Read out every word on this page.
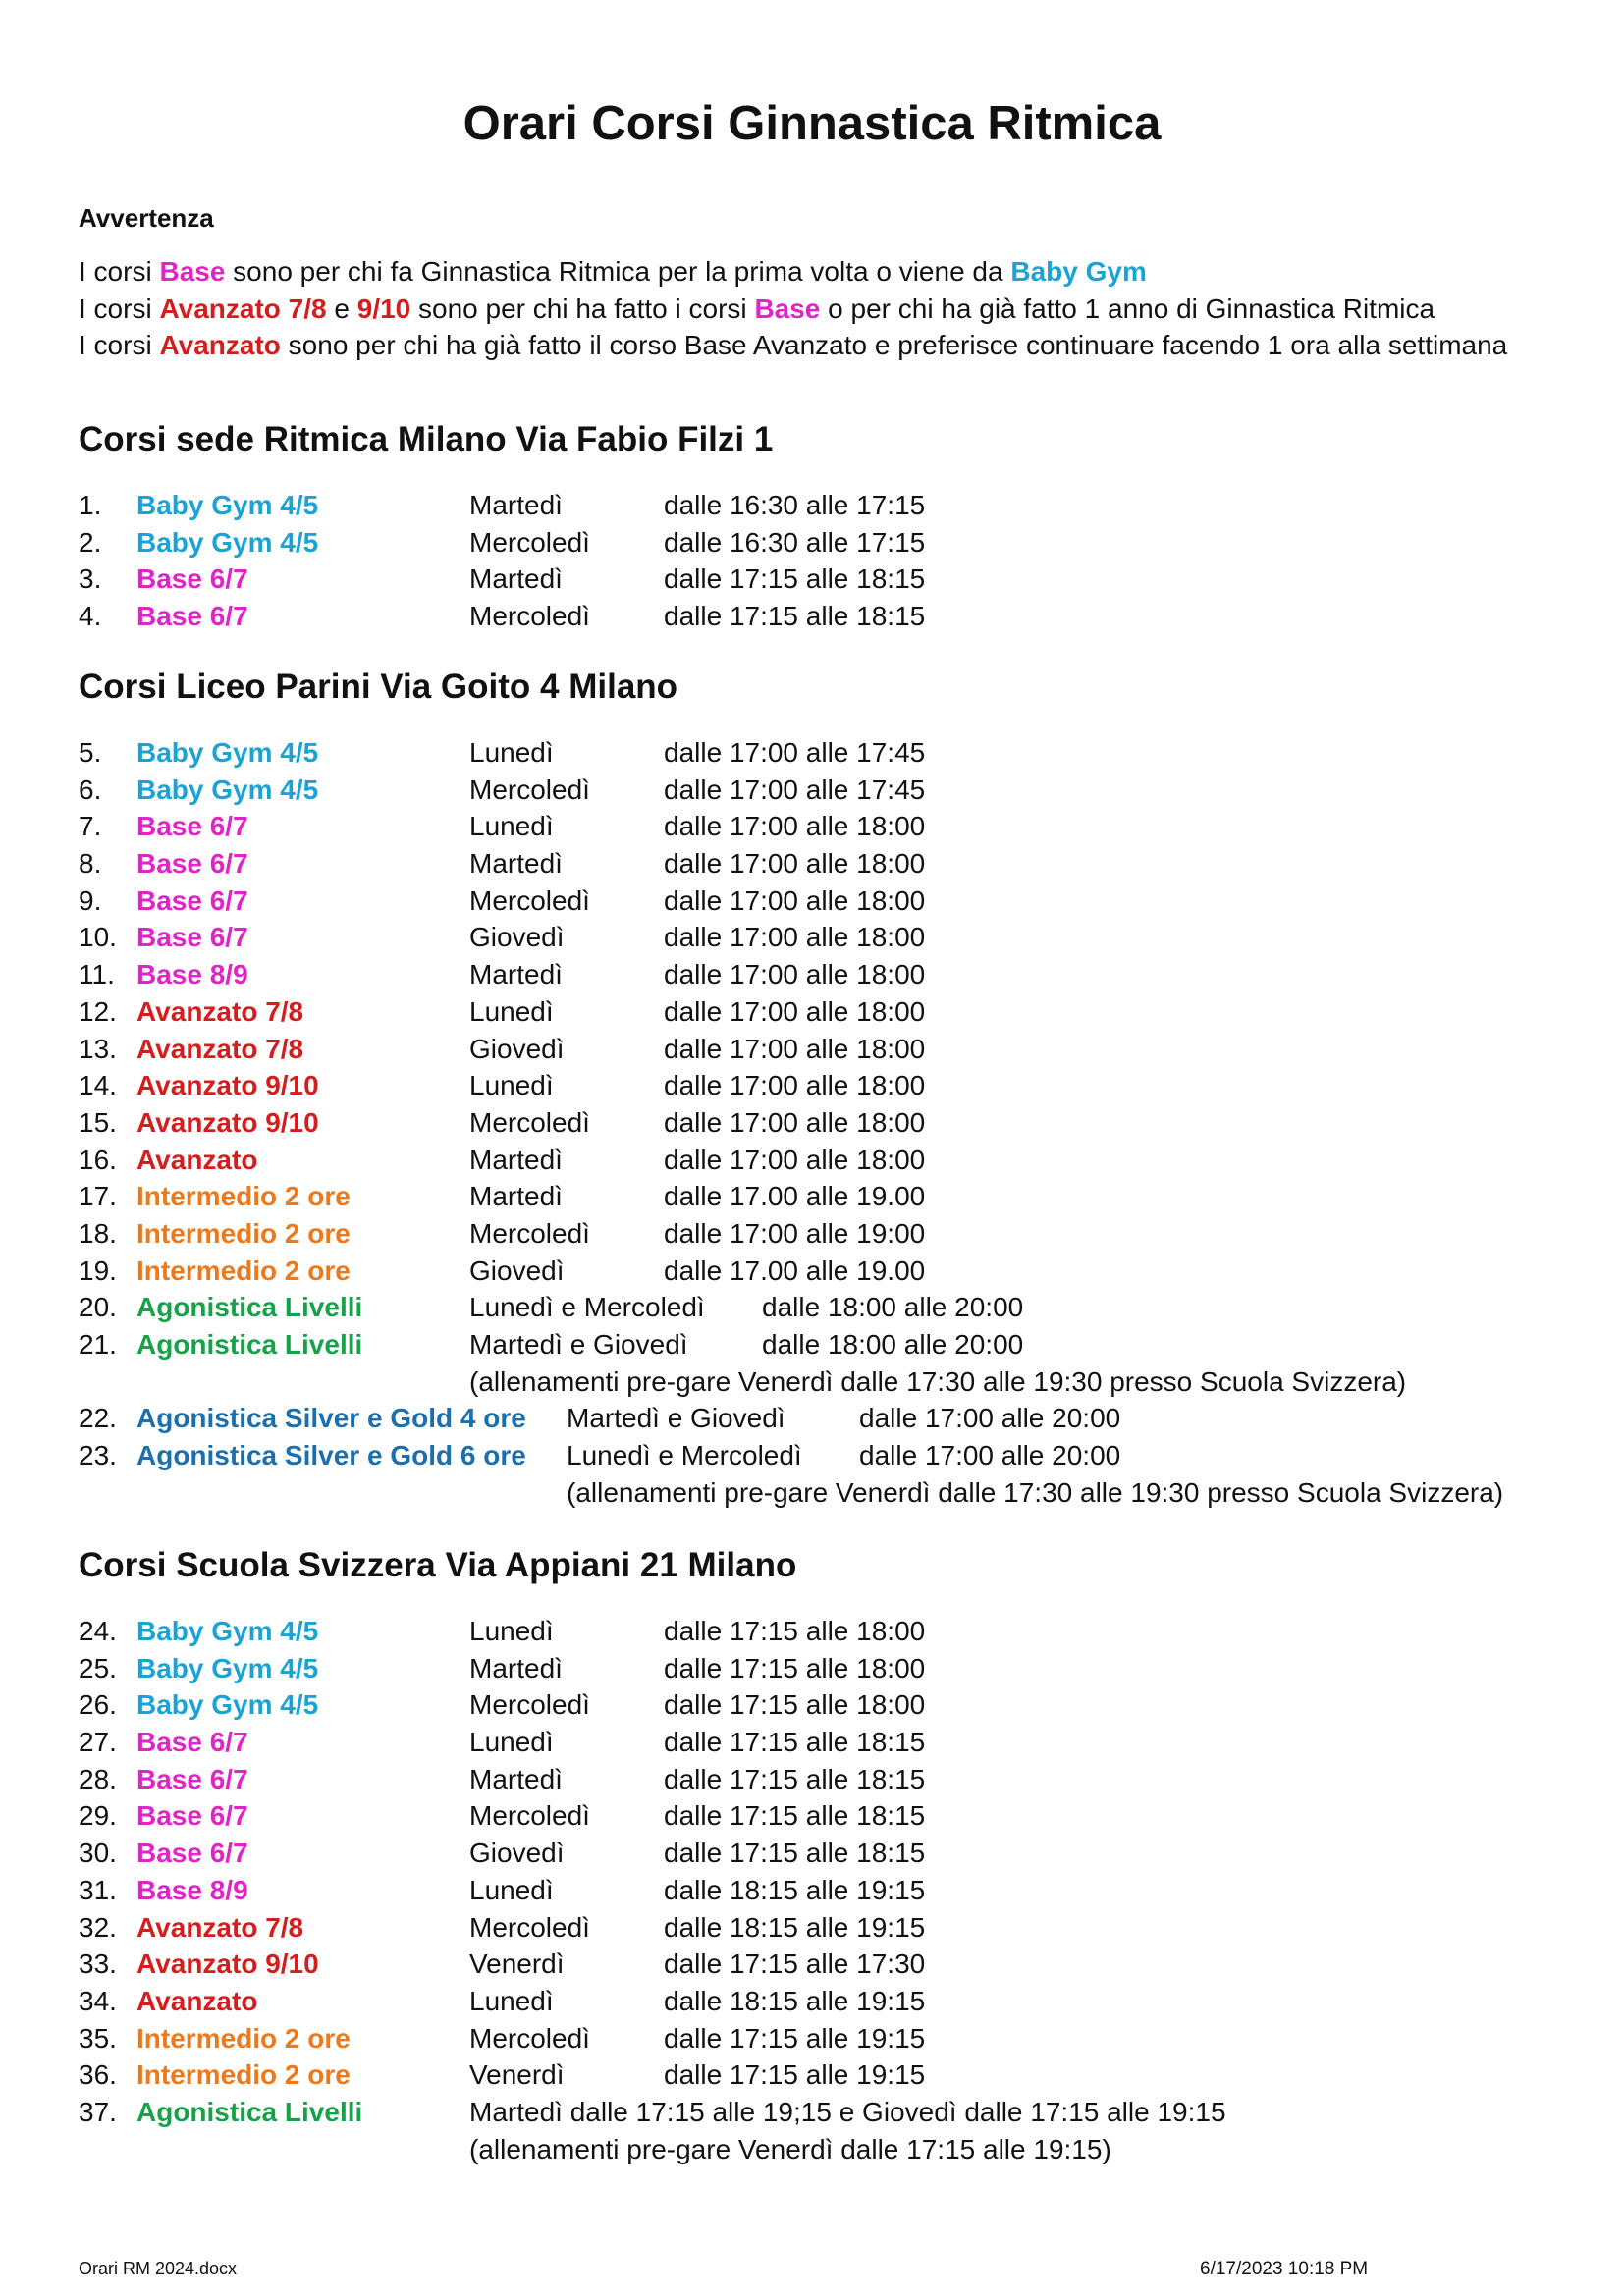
Orari Corsi Ginnastica Ritmica
Avvertenza
I corsi Base sono per chi fa Ginnastica Ritmica per la prima volta o viene da Baby Gym
I corsi Avanzato 7/8 e 9/10 sono per chi ha fatto i corsi Base o per chi ha già fatto 1 anno di Ginnastica Ritmica
I corsi Avanzato sono per chi ha già fatto il corso Base Avanzato e preferisce continuare facendo 1 ora alla settimana
Corsi sede Ritmica Milano Via Fabio Filzi 1
1. Baby Gym 4/5	Martedì	dalle 16:30 alle 17:15
2. Baby Gym 4/5	Mercoledì	dalle 16:30 alle 17:15
3. Base 6/7	Martedì	dalle 17:15 alle 18:15
4. Base 6/7	Mercoledì	dalle 17:15 alle 18:15
Corsi Liceo Parini Via Goito 4 Milano
5. Baby Gym 4/5	Lunedì	dalle 17:00 alle 17:45
6. Baby Gym 4/5	Mercoledì	dalle 17:00 alle 17:45
7. Base 6/7	Lunedì	dalle 17:00 alle 18:00
8. Base 6/7	Martedì	dalle 17:00 alle 18:00
9. Base 6/7	Mercoledì	dalle 17:00 alle 18:00
10. Base 6/7	Giovedì	dalle 17:00 alle 18:00
11. Base 8/9	Martedì	dalle 17:00 alle 18:00
12. Avanzato 7/8	Lunedì	dalle 17:00 alle 18:00
13. Avanzato 7/8	Giovedì	dalle 17:00 alle 18:00
14. Avanzato 9/10	Lunedì	dalle 17:00 alle 18:00
15. Avanzato 9/10	Mercoledì	dalle 17:00 alle 18:00
16. Avanzato	Martedì	dalle 17:00 alle 18:00
17. Intermedio 2 ore	Martedì	dalle 17.00 alle 19.00
18. Intermedio 2 ore	Mercoledì	dalle 17:00 alle 19:00
19. Intermedio 2 ore	Giovedì	dalle 17.00 alle 19.00
20. Agonistica Livelli	Lunedì e Mercoledì dalle 18:00 alle 20:00
21. Agonistica Livelli	Martedì e Giovedì	dalle 18:00 alle 20:00
(allenamenti pre-gare Venerdì dalle 17:30 alle 19:30 presso Scuola Svizzera)
22. Agonistica Silver e Gold 4 ore Martedì e Giovedì	dalle 17:00 alle 20:00
23. Agonistica Silver e Gold 6 ore Lunedì e Mercoledì dalle 17:00 alle 20:00
(allenamenti pre-gare Venerdì dalle 17:30 alle 19:30 presso Scuola Svizzera)
Corsi Scuola Svizzera Via Appiani 21 Milano
24. Baby Gym 4/5	Lunedì	dalle 17:15 alle 18:00
25. Baby Gym 4/5	Martedì	dalle 17:15 alle 18:00
26. Baby Gym 4/5	Mercoledì	dalle 17:15 alle 18:00
27. Base 6/7	Lunedì	dalle 17:15 alle 18:15
28. Base 6/7	Martedì	dalle 17:15 alle 18:15
29. Base 6/7	Mercoledì	dalle 17:15 alle 18:15
30. Base 6/7	Giovedì	dalle 17:15 alle 18:15
31. Base 8/9	Lunedì	dalle 18:15 alle 19:15
32. Avanzato 7/8	Mercoledì	dalle 18:15 alle 19:15
33. Avanzato 9/10	Venerdì	dalle 17:15 alle 17:30
34. Avanzato	Lunedì	dalle 18:15 alle 19:15
35. Intermedio 2 ore	Mercoledì	dalle 17:15 alle 19:15
36. Intermedio 2 ore	Venerdì	dalle 17:15 alle 19:15
37. Agonistica Livelli	Martedì dalle 17:15 alle 19;15 e Giovedì dalle 17:15 alle 19:15
(allenamenti pre-gare Venerdì dalle 17:15 alle 19:15)
Orari RM 2024.docx	6/17/2023 10:18 PM
